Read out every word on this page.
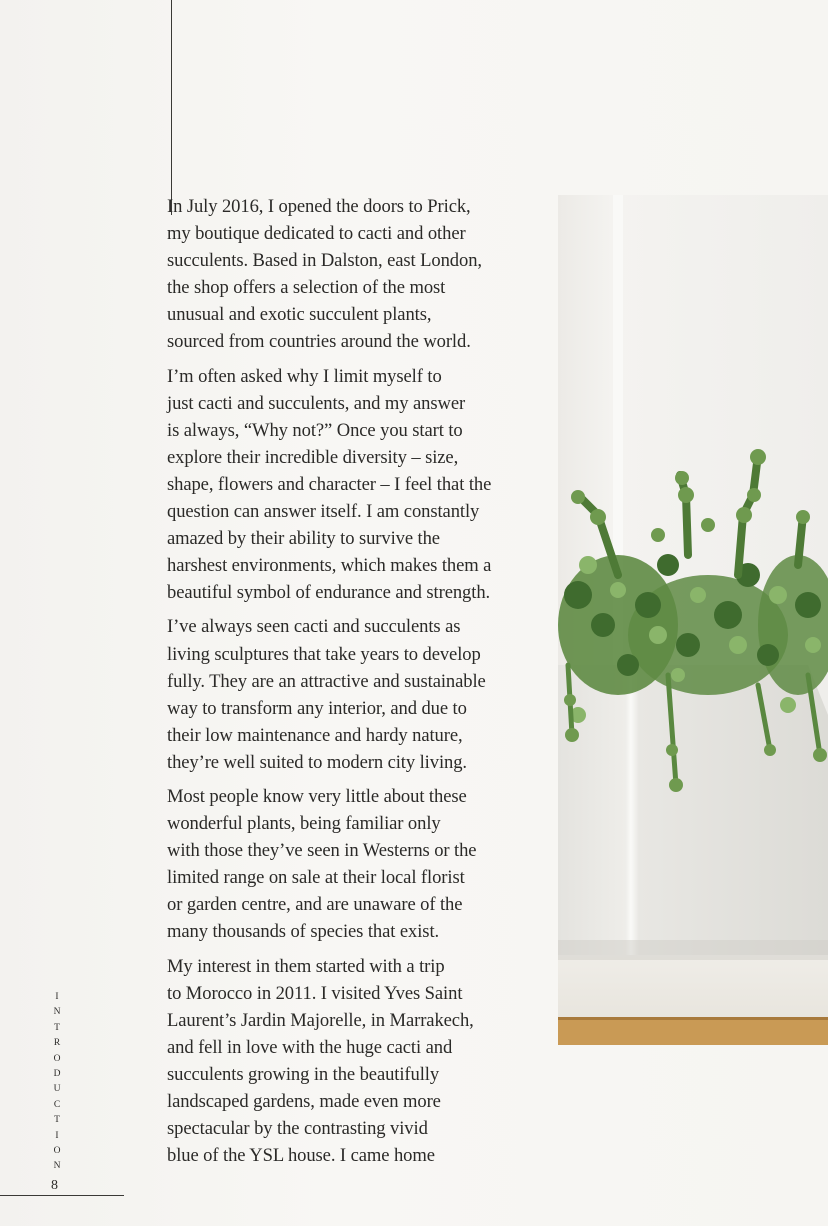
In July 2016, I opened the doors to Prick,
my boutique dedicated to cacti and other
succulents. Based in Dalston, east London,
the shop offers a selection of the most
unusual and exotic succulent plants,
sourced from countries around the world.

I’m often asked why I limit myself to
just cacti and succulents, and my answer
is always, “Why not?” Once you start to
explore their incredible diversity – size,
shape, flowers and character – I feel that the
question can answer itself. I am constantly
amazed by their ability to survive the
harshest environments, which makes them a
beautiful symbol of endurance and strength.

I’ve always seen cacti and succulents as
living sculptures that take years to develop
fully. They are an attractive and sustainable
way to transform any interior, and due to
their low maintenance and hardy nature,
they’re well suited to modern city living.

Most people know very little about these
wonderful plants, being familiar only
with those they’ve seen in Westerns or the
limited range on sale at their local florist
or garden centre, and are unaware of the
many thousands of species that exist.

My interest in them started with a trip
to Morocco in 2011. I visited Yves Saint
Laurent’s Jardin Majorelle, in Marrakech,
and fell in love with the huge cacti and
succulents growing in the beautifully
landscaped gardens, made even more
spectacular by the contrasting vivid
blue of the YSL house. I came home

I
N
T
R
O
D
U
C
T
I
O
N
8
